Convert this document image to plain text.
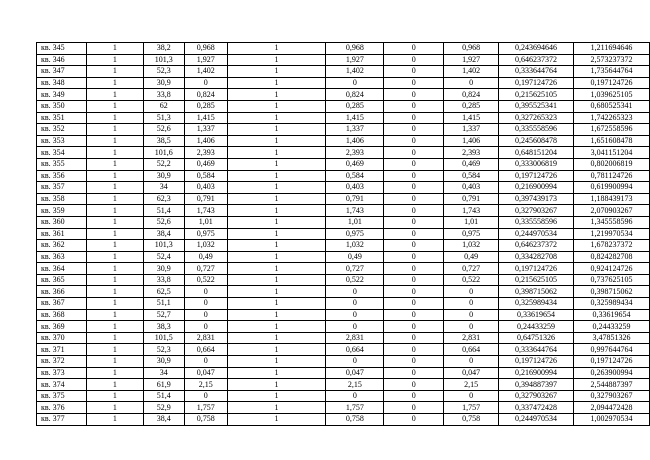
кв. 345	1	38,2	0,968	1	0,968	0	0,968	0,243694646	1,211694646
кв. 346	1	101,3	1,927	1	1,927	0	1,927	0,646237372	2,573237372
кв. 347	1	52,3	1,402	1	1,402	0	1,402	0,333644764	1,735644764
кв. 348	1	30,9	0	1	0	0	0	0,197124726	0,197124726
кв. 349	1	33,8	0,824	1	0,824	0	0,824	0,215625105	1,039625105
кв. 350	1	62	0,285	1	0,285	0	0,285	0,395525341	0,680525341
кв. 351	1	51,3	1,415	1	1,415	0	1,415	0,327265323	1,742265323
кв. 352	1	52,6	1,337	1	1,337	0	1,337	0,335558596	1,672558596
кв. 353	1	38,5	1,406	1	1,406	0	1,406	0,245608478	1,651608478
кв. 354	1	101,6	2,393	1	2,393	0	2,393	0,648151204	3,041151204
кв. 355	1	52,2	0,469	1	0,469	0	0,469	0,333006819	0,802006819
кв. 356	1	30,9	0,584	1	0,584	0	0,584	0,197124726	0,781124726
кв. 357	1	34	0,403	1	0,403	0	0,403	0,216900994	0,619900994
кв. 358	1	62,3	0,791	1	0,791	0	0,791	0,397439173	1,188439173
кв. 359	1	51,4	1,743	1	1,743	0	1,743	0,327903267	2,070903267
кв. 360	1	52,6	1,01	1	1,01	0	1,01	0,335558596	1,345558596
кв. 361	1	38,4	0,975	1	0,975	0	0,975	0,244970534	1,219970534
кв. 362	1	101,3	1,032	1	1,032	0	1,032	0,646237372	1,678237372
кв. 363	1	52,4	0,49	1	0,49	0	0,49	0,334282708	0,824282708
кв. 364	1	30,9	0,727	1	0,727	0	0,727	0,197124726	0,924124726
кв. 365	1	33,8	0,522	1	0,522	0	0,522	0,215625105	0,737625105
кв. 366	1	62,5	0	1	0	0	0	0,398715062	0,398715062
кв. 367	1	51,1	0	1	0	0	0	0,325989434	0,325989434
кв. 368	1	52,7	0	1	0	0	0	0,33619654	0,33619654
кв. 369	1	38,3	0	1	0	0	0	0,24433259	0,24433259
кв. 370	1	101,5	2,831	1	2,831	0	2,831	0,64751326	3,47851326
кв. 371	1	52,3	0,664	1	0,664	0	0,664	0,333644764	0,997644764
кв. 372	1	30,9	0	1	0	0	0	0,197124726	0,197124726
кв. 373	1	34	0,047	1	0,047	0	0,047	0,216900994	0,263900994
кв. 374	1	61,9	2,15	1	2,15	0	2,15	0,394887397	2,544887397
кв. 375	1	51,4	0	1	0	0	0	0,327903267	0,327903267
кв. 376	1	52,9	1,757	1	1,757	0	1,757	0,337472428	2,094472428
кв. 377	1	38,4	0,758	1	0,758	0	0,758	0,244970534	1,002970534
